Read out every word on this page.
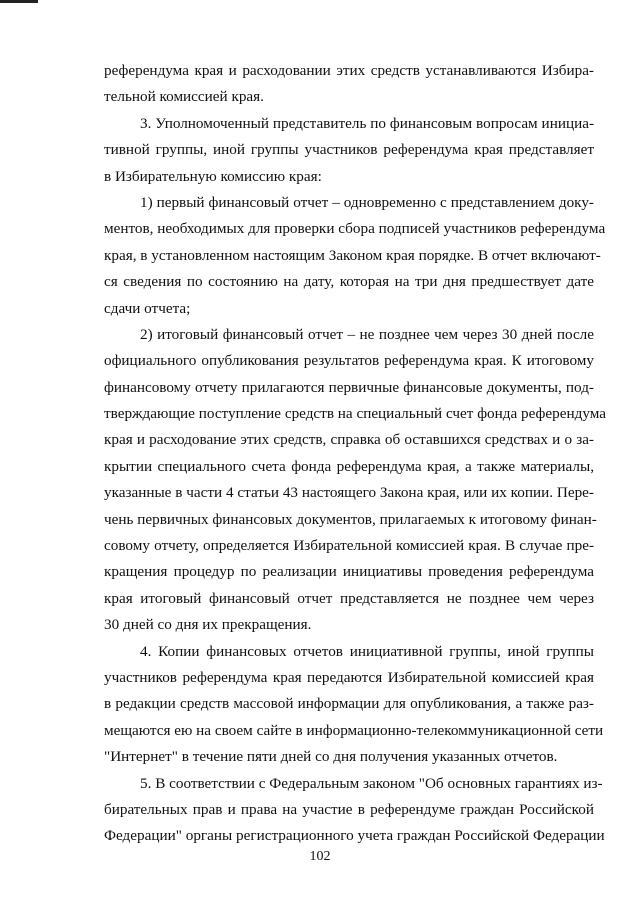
референдума края и расходовании этих средств устанавливаются Избира-
тельной комиссией края.
3. Уполномоченный представитель по финансовым вопросам инициа-
тивной группы, иной группы участников референдума края представляет
в Избирательную комиссию края:
1) первый финансовый отчет – одновременно с представлением доку-
ментов, необходимых для проверки сбора подписей участников референдума
края, в установленном настоящим Законом края порядке. В отчет включают-
ся сведения по состоянию на дату, которая на три дня предшествует дате
сдачи отчета;
2) итоговый финансовый отчет – не позднее чем через 30 дней после
официального опубликования результатов референдума края. К итоговому
финансовому отчету прилагаются первичные финансовые документы, под-
тверждающие поступление средств на специальный счет фонда референдума
края и расходование этих средств, справка об оставшихся средствах и о за-
крытии специального счета фонда референдума края, а также материалы,
указанные в части 4 статьи 43 настоящего Закона края, или их копии. Пере-
чень первичных финансовых документов, прилагаемых к итоговому финан-
совому отчету, определяется Избирательной комиссией края. В случае пре-
кращения процедур по реализации инициативы проведения референдума
края итоговый финансовый отчет представляется не позднее чем через
30 дней со дня их прекращения.
4. Копии финансовых отчетов инициативной группы, иной группы
участников референдума края передаются Избирательной комиссией края
в редакции средств массовой информации для опубликования, а также раз-
мещаются ею на своем сайте в информационно-телекоммуникационной сети
"Интернет" в течение пяти дней со дня получения указанных отчетов.
5. В соответствии с Федеральным законом "Об основных гарантиях из-
бирательных прав и права на участие в референдуме граждан Российской
Федерации" органы регистрационного учета граждан Российской Федерации
102
